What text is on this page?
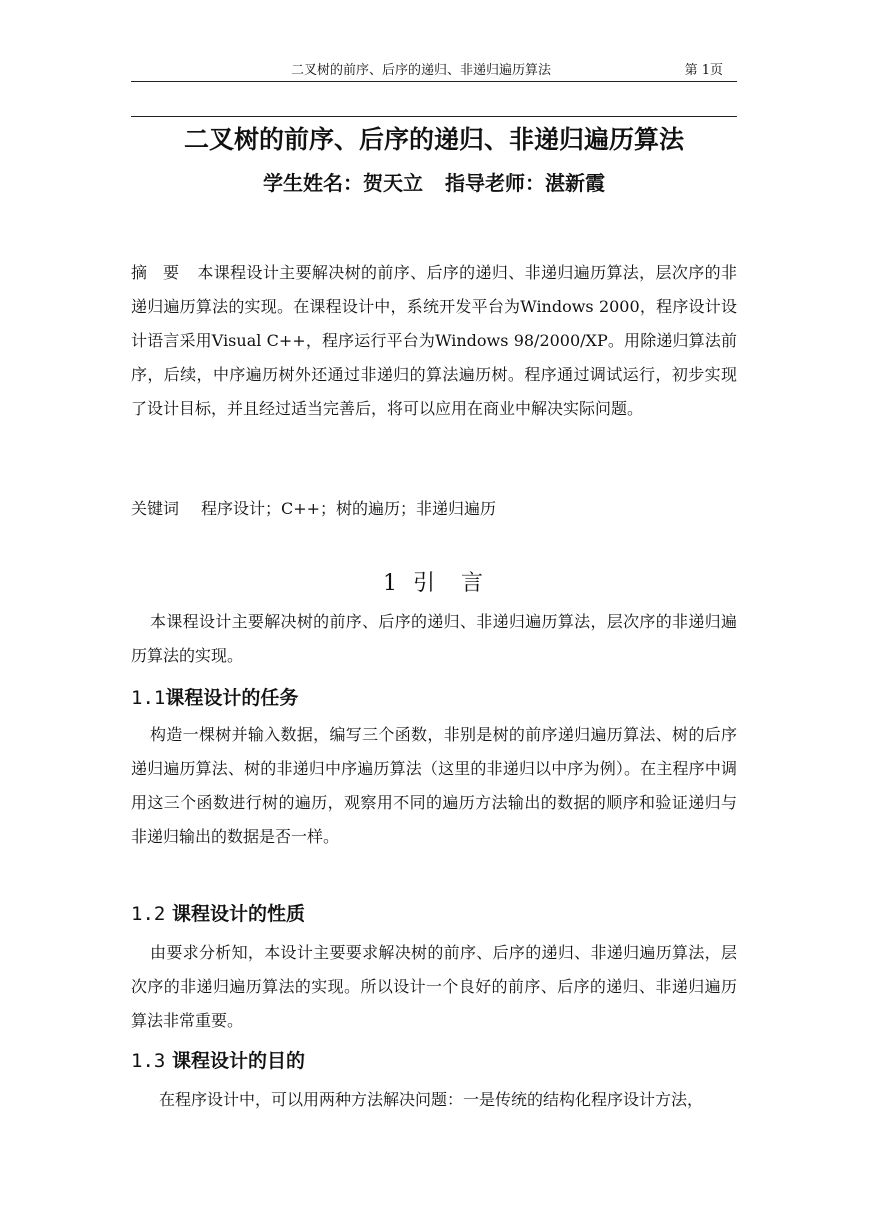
二叉树的前序、后序的递归、非递归遍历算法	第 1页
二叉树的前序、后序的递归、非递归遍历算法
学生姓名：贺天立 指导老师：湛新霞
摘　要 本课程设计主要解决树的前序、后序的递归、非递归遍历算法，层次序的非递归遍历算法的实现。在课程设计中，系统开发平台为Windows 2000，程序设计设计语言采用Visual C++，程序运行平台为Windows 98/2000/XP。用除递归算法前序，后续，中序遍历树外还通过非递归的算法遍历树。程序通过调试运行，初步实现了设计目标，并且经过适当完善后，将可以应用在商业中解决实际问题。
关键词 程序设计；C++；树的遍历；非递归遍历
1 引　言
本课程设计主要解决树的前序、后序的递归、非递归遍历算法，层次序的非递归遍历算法的实现。
1.1课程设计的任务
构造一棵树并输入数据，编写三个函数，非别是树的前序递归遍历算法、树的后序递归遍历算法、树的非递归中序遍历算法（这里的非递归以中序为例）。在主程序中调用这三个函数进行树的遍历，观察用不同的遍历方法输出的数据的顺序和验证递归与非递归输出的数据是否一样。
1.2 课程设计的性质
由要求分析知，本设计主要要求解决树的前序、后序的递归、非递归遍历算法，层次序的非递归遍历算法的实现。所以设计一个良好的前序、后序的递归、非递归遍历算法非常重要。
1.3 课程设计的目的
在程序设计中，可以用两种方法解决问题：一是传统的结构化程序设计方法，
